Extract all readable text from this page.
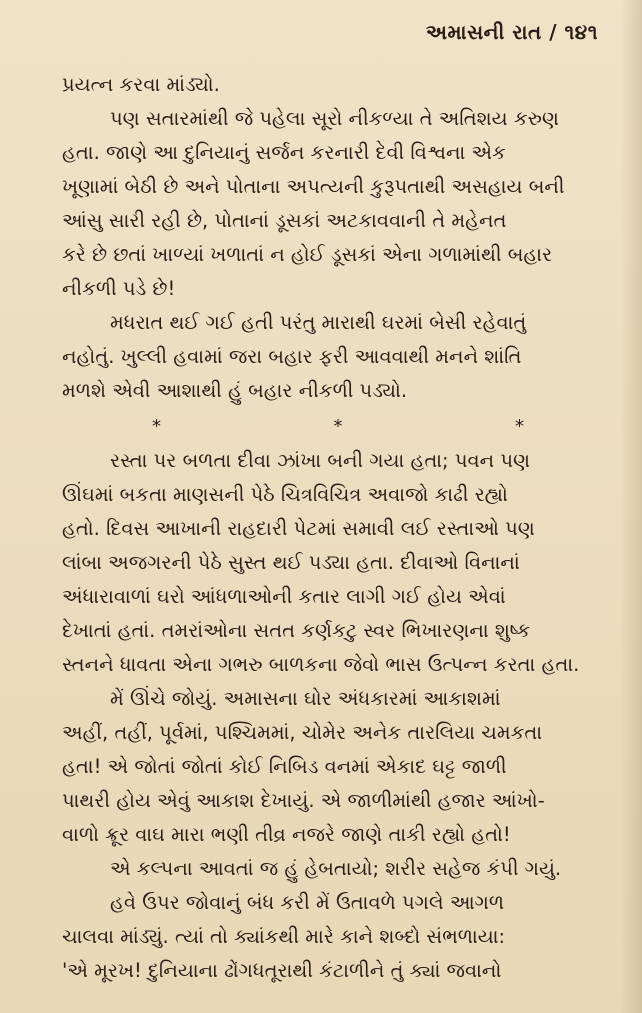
અમાસની રાત / ૧૪૧
પ્રયત્ન કરવા માંડ્યો.
પણ સતારમાંથી જે પહેલા સૂરો નીકળ્યા તે અતિશય કરુણ
હતા. જાણે આ દુનિયાનું સર્જન કરનારી દેવી વિશ્વના એક
ખૂણામાં બેઠી છે અને પોતાના અપત્યની કુરૂપતાથી અસહાય બની
આંસુ સારી રહી છે, પોતાનાં ડૂસકાં અટકાવવાની તે મહેનત
કરે છે છતાં ખાળ્યાં ખળાતાં ન હોઈ ડૂસકાં એના ગળામાંથી બહાર
નીકળી પડે છે!
મધરાત થઈ ગઈ હતી પરંતુ મારાથી ઘરમાં બેસી રહેવાતું
નહોતું. ખુલ્લી હવામાં જરા બહાર ફરી આવવાથી મનને શાંતિ
મળશે એવી આશાથી હું બહાર નીકળી પડ્યો.
*	*	*
રસ્તા પર બળતા દીવા ઝાંખા બની ગયા હતા; પવન પણ
ઊંઘમાં બકતા માણસની પેઠે ચિત્રવિચિત્ર અવાજો કાઢી રહ્યો
હતો. દિવસ આખાની રાહદારી પેટમાં સમાવી લઈ રસ્તાઓ પણ
લાંબા અજગરની પેઠે સુસ્ત થઈ પડ્યા હતા. દીવાઓ વિનાનાં
અંધારાવાળાં ઘરો આંધળાઓની કતાર લાગી ગઈ હોય એવાં
દેખાતાં હતાં. તમરાંઓના સતત કર્ણકટુ સ્વર ભિખારણના શુષ્ક
સ્તનને ધાવતા એના ગભરુ બાળકના જેવો ભાસ ઉત્પન્ન કરતા હતા.
મેં ઊંચે જોયું. અમાસના ઘોર અંધકારમાં આકાશમાં
અહીં, તહીં, પૂર્વમાં, પશ્ચિમમાં, ચોમેર અનેક તારલિયા ચમકતા
હતા! એ જોતાં જોતાં કોઈ નિબિડ વનમાં એકાદ ઘટ્ટ જાળી
પાથરી હોય એવું આકાશ દેખાયું. એ જાળીમાંથી હજાર આંખો-
વાળો ક્રૂર વાઘ મારા ભણી તીવ્ર નજરે જાણે તાકી રહ્યો હતો!
એ કલ્પના આવતાં જ હું હેબતાયો; શરીર સહેજ કંપી ગયું.
હવે ઉપર જોવાનું બંધ કરી મેં ઉતાવળે પગલે આગળ
ચાલવા માંડ્યું. ત્યાં તો ક્યાંકથી મારે કાને શબ્દો સંભળાયા:
'એ મૂરખ! દુનિયાના ઢોંગધતૂરાથી કંટાળીને તું ક્યાં જવાનો
